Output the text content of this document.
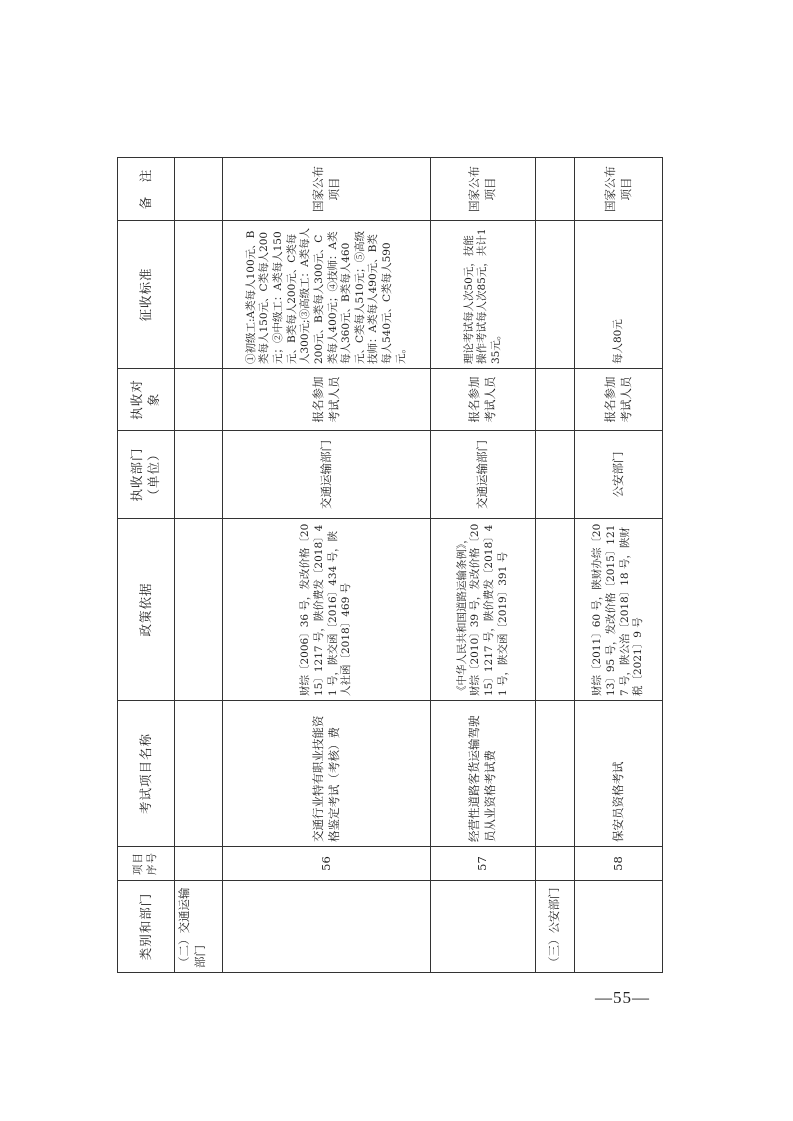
类别和部门	项目序号	考试项目名称	政策依据	执收部门（单位）	执收对象	征收标准	备　注
（二）交通运输部门							
	56	交通行业特有职业技能资格鉴定考试（考核）费	财综〔2006〕36 号，发改价格〔2015〕1217 号，陕价费发〔2018〕41 号，陕交函〔2016〕434 号，陕人社函〔2018〕469 号	交通运输部门	报名参加考试人员	①初级工:A类每人100元、B类每人150元、C类每人200元；②中级工：A类每人150元、B类每人200元、C类每人300元;③高级工：A类每人200元、B类每人300元、C类每人400元；④技师：A类每人360元、B类每人460元、C类每人510元；⑤高级技师：A类每人490元、B类每人540元、C类每人590元。	国家公布项目
	57	经营性道路客货运输驾驶员从业资格考试费	《中华人民共和国道路运输条例》，财综〔2010〕39 号，发改价格〔2015〕1217 号，陕价费发〔2018〕41 号，陕交函〔2019〕391 号	交通运输部门	报名参加考试人员	理论考试每人次50元，技能操作考试每人次85元，共计135元。	国家公布项目
（三）公安部门							
	58	保安员资格考试	财综〔2011〕60 号，陕财办综〔2013〕95 号，发改价格〔2015〕1217 号，陕公治〔2018〕18 号，陕财税〔2021〕9 号	公安部门	报名参加考试人员	每人80元	国家公布项目
—55—
